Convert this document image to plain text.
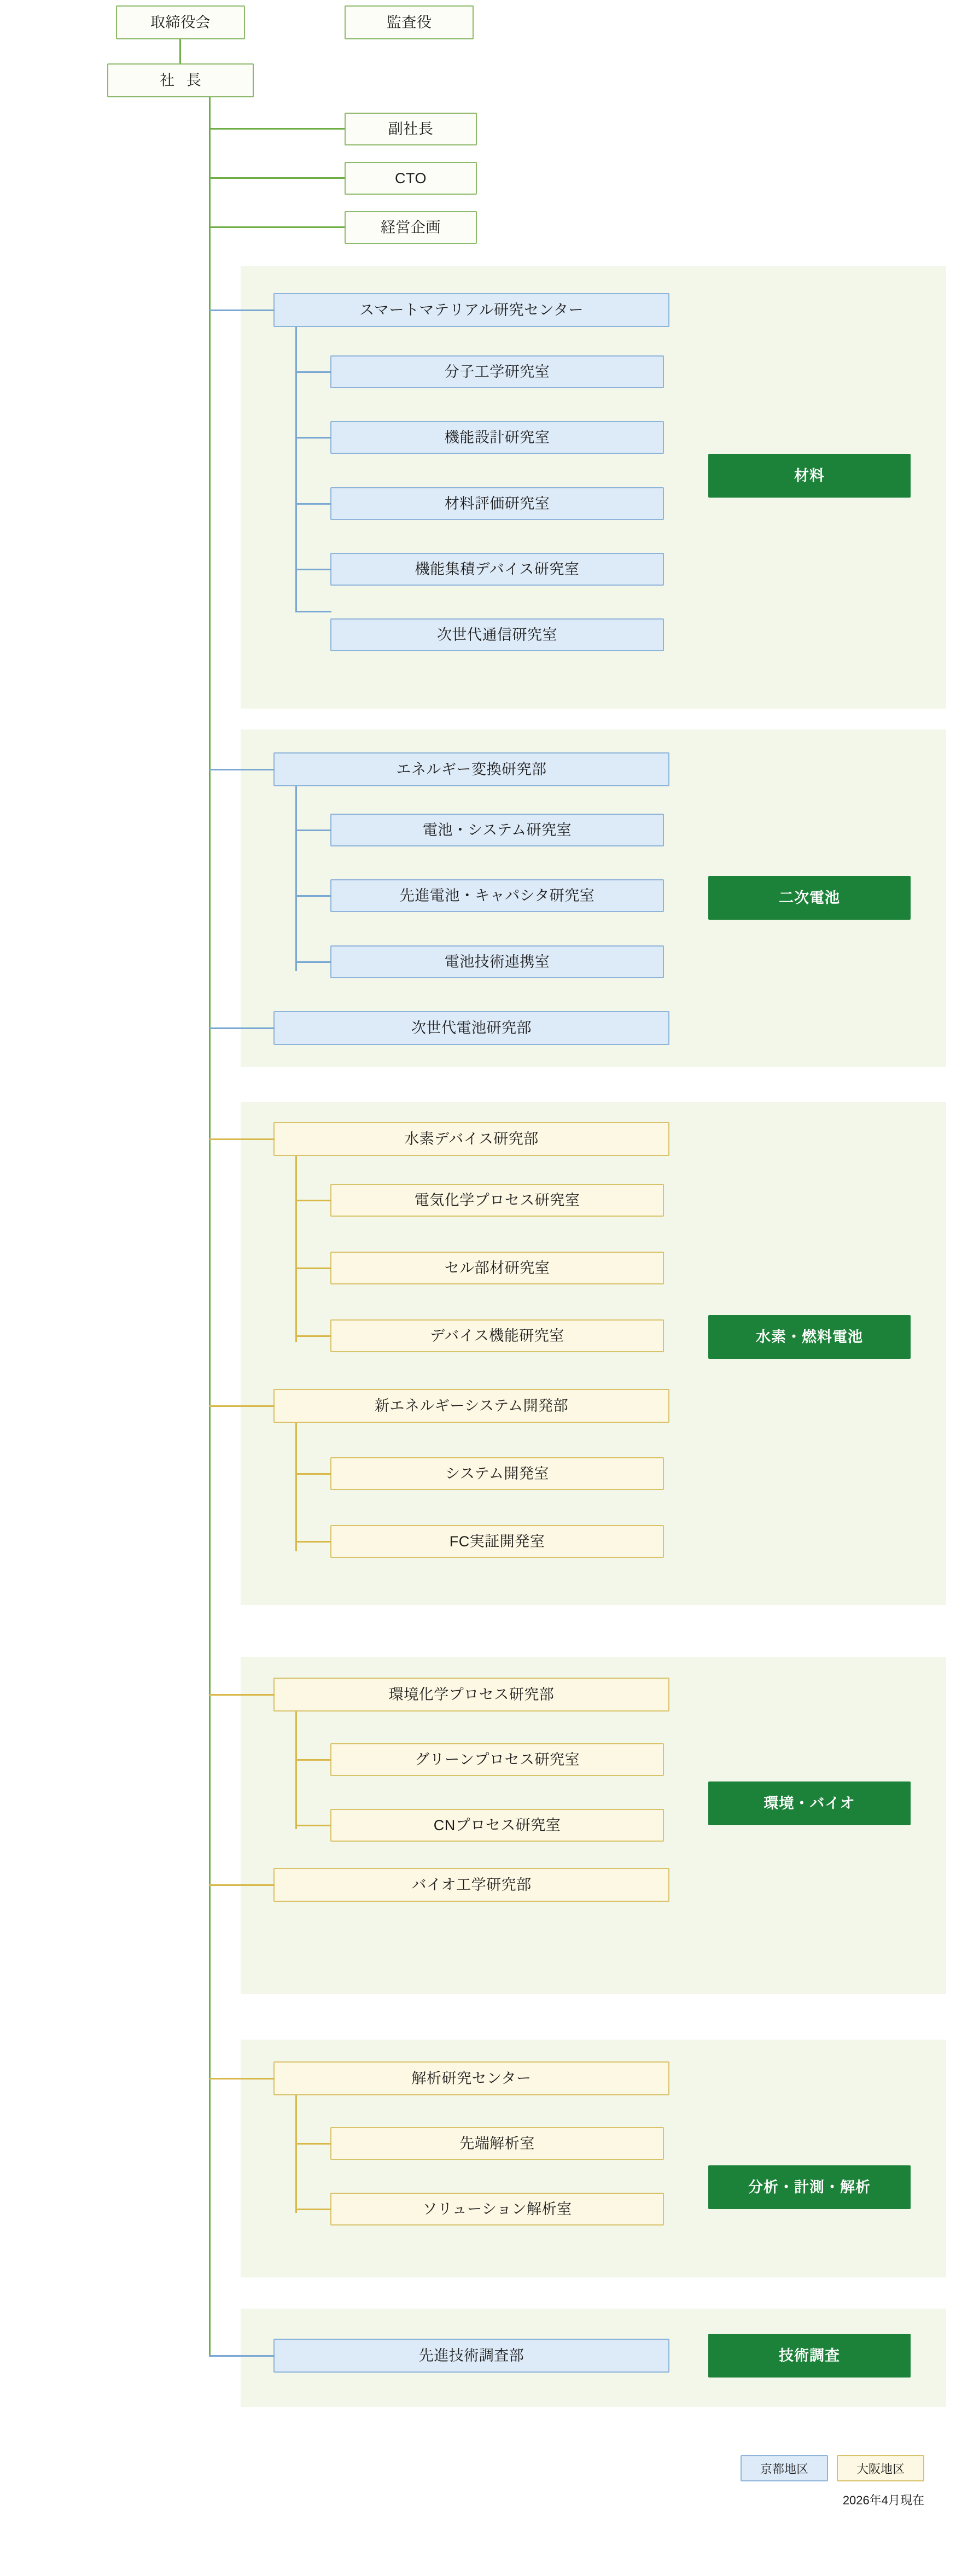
取締役会	監査役
社 長
副社長
CTO
経営企画
スマートマテリアル研究センター
分子工学研究室
機能設計研究室
材料評価研究室
機能集積デバイス研究室
次世代通信研究室
材料
エネルギー変換研究部
電池・システム研究室
先進電池・キャパシタ研究室
電池技術連携室
次世代電池研究部
二次電池
水素デバイス研究部
電気化学プロセス研究室
セル部材研究室
デバイス機能研究室
新エネルギーシステム開発部
システム開発室
FC実証開発室
水素・燃料電池
環境化学プロセス研究部
グリーンプロセス研究室
CNプロセス研究室
バイオ工学研究部
環境・バイオ
解析研究センター
先端解析室
ソリューション解析室
分析・計測・解析
先進技術調査部	技術調査
京都地区	大阪地区
2026年4月現在
